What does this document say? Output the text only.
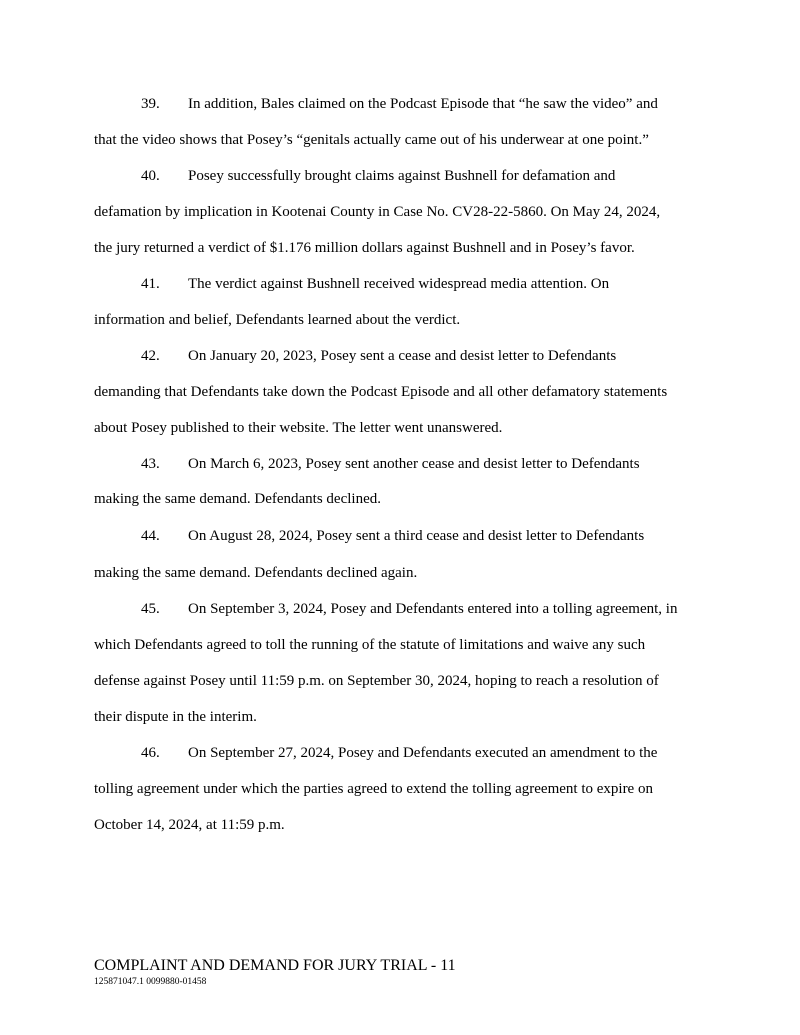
39. In addition, Bales claimed on the Podcast Episode that “he saw the video” and
that the video shows that Posey’s “genitals actually came out of his underwear at one point.”
40. Posey successfully brought claims against Bushnell for defamation and
defamation by implication in Kootenai County in Case No. CV28-22-5860. On May 24, 2024,
the jury returned a verdict of $1.176 million dollars against Bushnell and in Posey’s favor.
41. The verdict against Bushnell received widespread media attention. On
information and belief, Defendants learned about the verdict.
42. On January 20, 2023, Posey sent a cease and desist letter to Defendants
demanding that Defendants take down the Podcast Episode and all other defamatory statements
about Posey published to their website. The letter went unanswered.
43. On March 6, 2023, Posey sent another cease and desist letter to Defendants
making the same demand. Defendants declined.
44. On August 28, 2024, Posey sent a third cease and desist letter to Defendants
making the same demand. Defendants declined again.
45. On September 3, 2024, Posey and Defendants entered into a tolling agreement, in
which Defendants agreed to toll the running of the statute of limitations and waive any such
defense against Posey until 11:59 p.m. on September 30, 2024, hoping to reach a resolution of
their dispute in the interim.
46. On September 27, 2024, Posey and Defendants executed an amendment to the
tolling agreement under which the parties agreed to extend the tolling agreement to expire on
October 14, 2024, at 11:59 p.m.
COMPLAINT AND DEMAND FOR JURY TRIAL - 11
125871047.1 0099880-01458
